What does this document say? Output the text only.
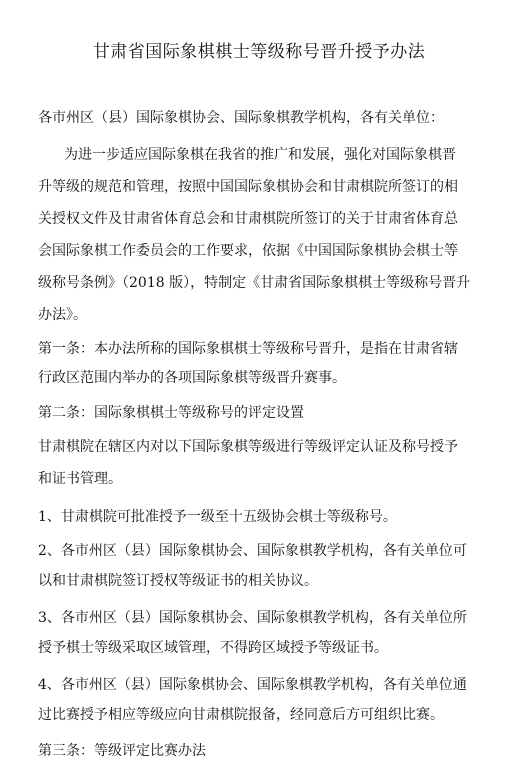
甘肃省国际象棋棋士等级称号晋升授予办法
各市州区（县）国际象棋协会、国际象棋教学机构，各有关单位：
为进一步适应国际象棋在我省的推广和发展，强化对国际象棋晋
升等级的规范和管理，按照中国国际象棋协会和甘肃棋院所签订的相
关授权文件及甘肃省体育总会和甘肃棋院所签订的关于甘肃省体育总
会国际象棋工作委员会的工作要求，依据《中国国际象棋协会棋士等
级称号条例》（2018 版），特制定《甘肃省国际象棋棋士等级称号晋升
办法》。
第一条：本办法所称的国际象棋棋士等级称号晋升，是指在甘肃省辖
行政区范围内举办的各项国际象棋等级晋升赛事。
第二条：国际象棋棋士等级称号的评定设置
甘肃棋院在辖区内对以下国际象棋等级进行等级评定认证及称号授予
和证书管理。
1、甘肃棋院可批准授予一级至十五级协会棋士等级称号。
2、各市州区（县）国际象棋协会、国际象棋教学机构，各有关单位可
以和甘肃棋院签订授权等级证书的相关协议。
3、各市州区（县）国际象棋协会、国际象棋教学机构，各有关单位所
授予棋士等级采取区域管理，不得跨区域授予等级证书。
4、各市州区（县）国际象棋协会、国际象棋教学机构，各有关单位通
过比赛授予相应等级应向甘肃棋院报备，经同意后方可组织比赛。
第三条：等级评定比赛办法
